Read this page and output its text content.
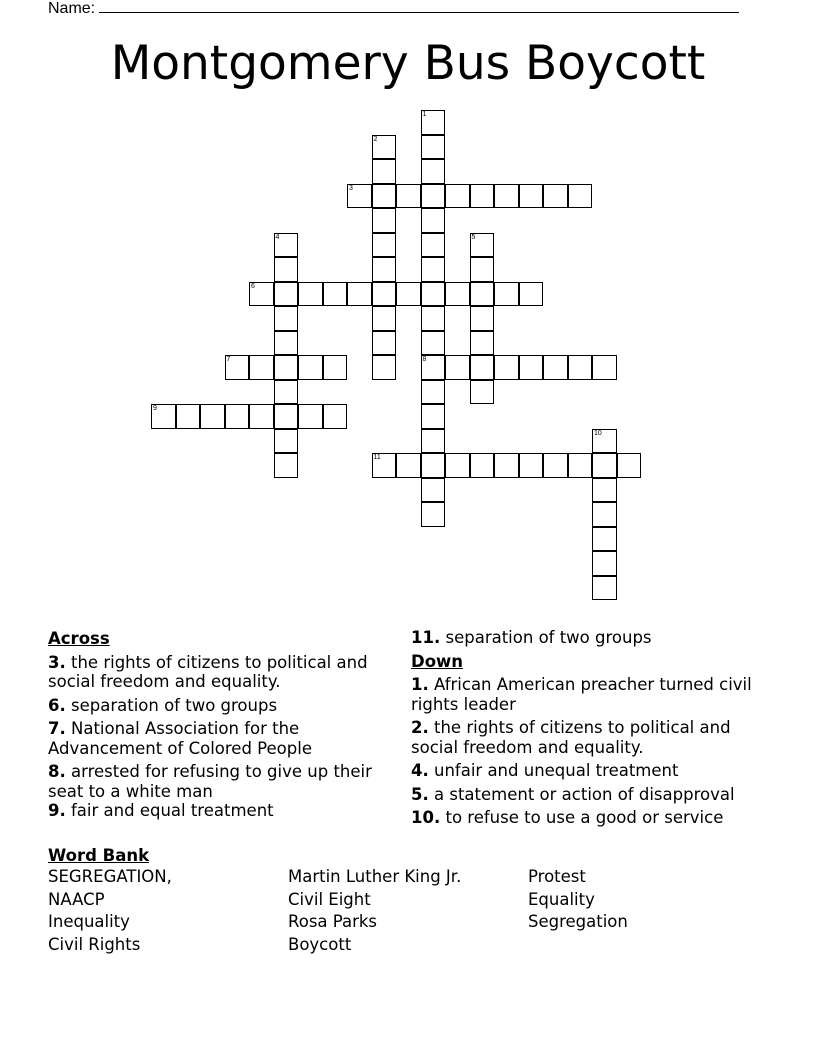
Name:
Montgomery Bus Boycott
1
2
3
4	5
6
7	8
9
10
11
Across
3. the rights of citizens to political and social freedom and equality.
6. separation of two groups
7. National Association for the Advancement of Colored People
8. arrested for refusing to give up their seat to a white man
9. fair and equal treatment
11. separation of two groups
Down
1. African American preacher turned civil rights leader
2. the rights of citizens to political and social freedom and equality.
4. unfair and unequal treatment
5. a statement or action of disapproval
10. to refuse to use a good or service
Word Bank
SEGREGATION,
NAACP
Inequality
Civil Rights
Martin Luther King Jr.
Civil Eight
Rosa Parks
Boycott
Protest
Equality
Segregation
